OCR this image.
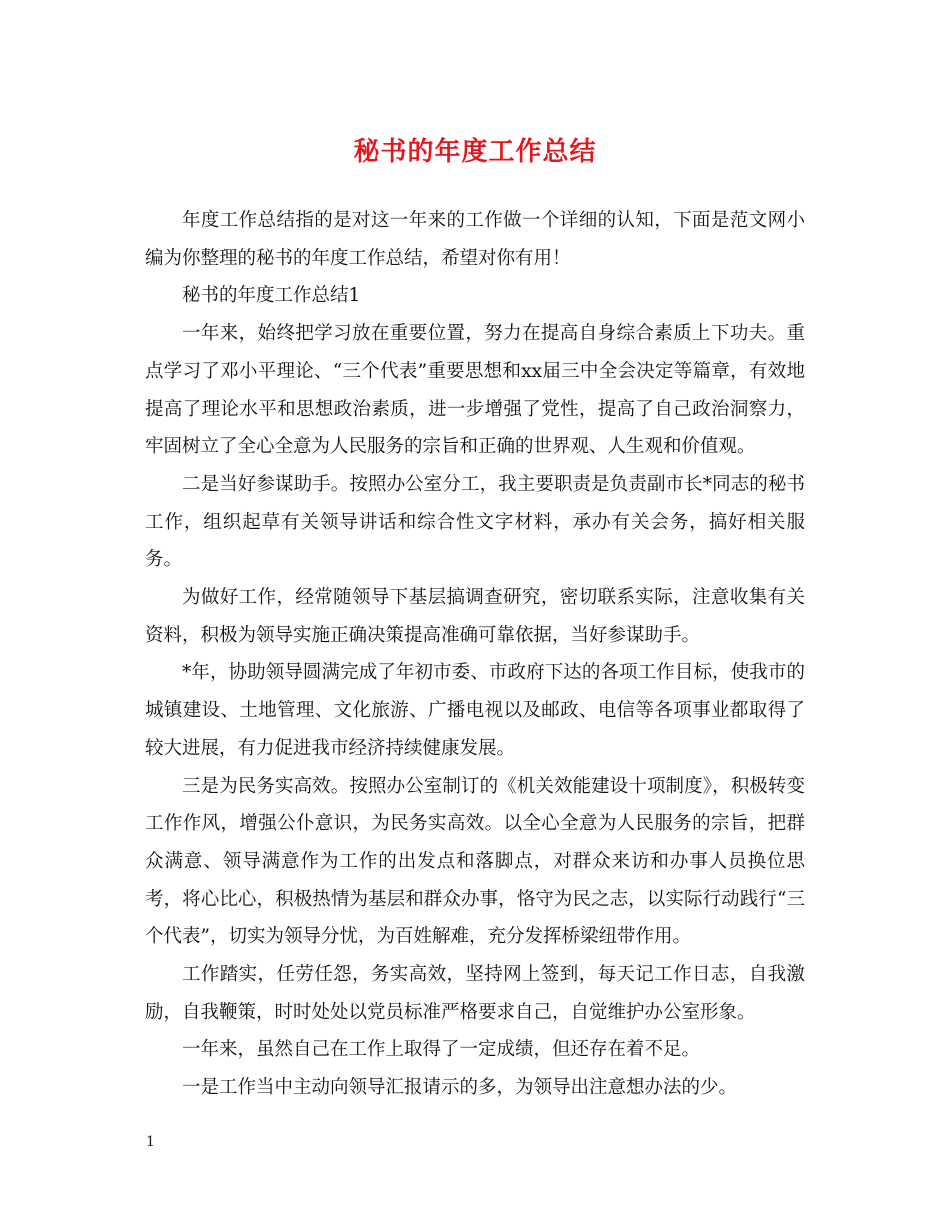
秘书的年度工作总结

年度工作总结指的是对这一年来的工作做一个详细的认知，下面是范文网小编为你整理的秘书的年度工作总结，希望对你有用！

秘书的年度工作总结1

一年来，始终把学习放在重要位置，努力在提高自身综合素质上下功夫。重点学习了邓小平理论、“三个代表”重要思想和xx届三中全会决定等篇章，有效地提高了理论水平和思想政治素质，进一步增强了党性，提高了自己政治洞察力，牢固树立了全心全意为人民服务的宗旨和正确的世界观、人生观和价值观。

二是当好参谋助手。按照办公室分工，我主要职责是负责副市长*同志的秘书工作，组织起草有关领导讲话和综合性文字材料，承办有关会务，搞好相关服务。

为做好工作，经常随领导下基层搞调查研究，密切联系实际，注意收集有关资料，积极为领导实施正确决策提高准确可靠依据，当好参谋助手。

*年，协助领导圆满完成了年初市委、市政府下达的各项工作目标，使我市的城镇建设、土地管理、文化旅游、广播电视以及邮政、电信等各项事业都取得了较大进展，有力促进我市经济持续健康发展。

三是为民务实高效。按照办公室制订的《机关效能建设十项制度》，积极转变工作作风，增强公仆意识，为民务实高效。以全心全意为人民服务的宗旨，把群众满意、领导满意作为工作的出发点和落脚点，对群众来访和办事人员换位思考，将心比心，积极热情为基层和群众办事，恪守为民之志，以实际行动践行“三个代表”，切实为领导分忧，为百姓解难，充分发挥桥梁纽带作用。

工作踏实，任劳任怨，务实高效，坚持网上签到，每天记工作日志，自我激励，自我鞭策，时时处处以党员标准严格要求自己，自觉维护办公室形象。

一年来，虽然自己在工作上取得了一定成绩，但还存在着不足。

一是工作当中主动向领导汇报请示的多，为领导出注意想办法的少。

1
